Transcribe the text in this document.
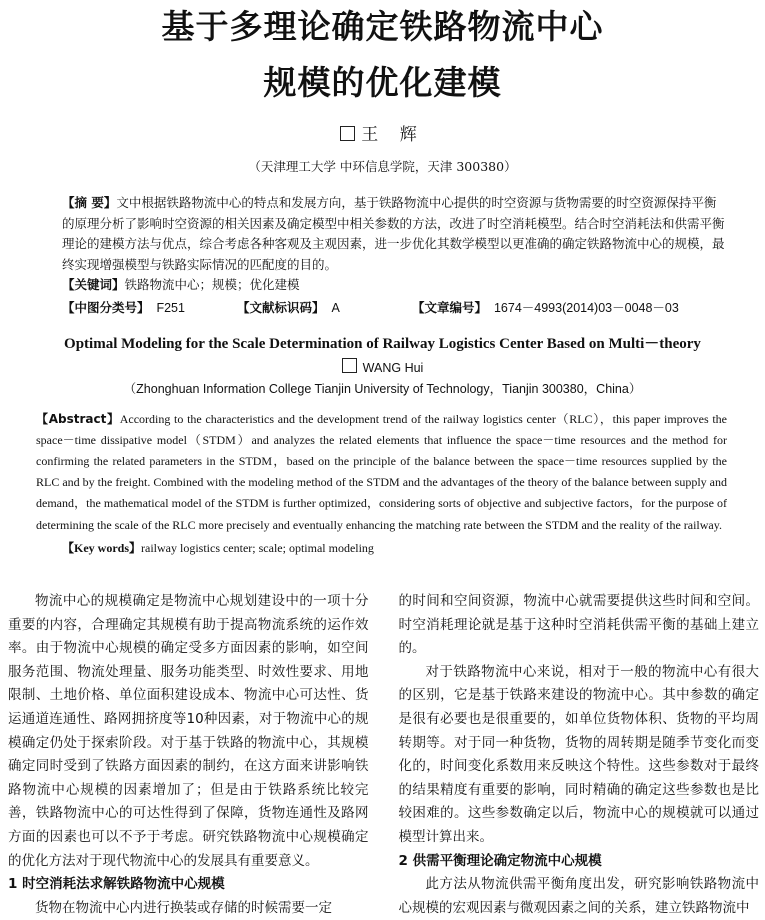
基于多理论确定铁路物流中心
规模的优化建模
王 辉
（天津理工大学 中环信息学院，天津 300380）
【摘 要】文中根据铁路物流中心的特点和发展方向，基于铁路物流中心提供的时空资源与货物需要的时空资源保持平衡的原理分析了影响时空资源的相关因素及确定模型中相关参数的方法，改进了时空消耗模型。结合时空消耗法和供需平衡理论的建模方法与优点，综合考虑各种客观及主观因素，进一步优化其数学模型以更准确的确定铁路物流中心的规模，最终实现增强模型与铁路实际情况的匹配度的目的。
【关键词】铁路物流中心；规模；优化建模
【中图分类号】 F251	【文献标识码】 A	【文章编号】 1674－4993(2014)03－0048－03
Optimal Modeling for the Scale Determination of Railway Logistics Center Based on Multi－theory
WANG Hui
（Zhonghuan Information College Tianjin University of Technology，Tianjin 300380，China）
【Abstract】According to the characteristics and the development trend of the railway logistics center（RLC），this paper improves the space－time dissipative model（STDM）and analyzes the related elements that influence the space－time resources and the method for confirming the related parameters in the STDM，based on the principle of the balance between the space－time resources supplied by the RLC and by the freight. Combined with the modeling method of the STDM and the advantages of the theory of the balance between supply and demand，the mathematical model of the STDM is further optimized，considering sorts of objective and subjective factors，for the purpose of determining the scale of the RLC more precisely and eventually enhancing the matching rate between the STDM and the reality of the railway.
【Key words】railway logistics center; scale; optimal modeling

物流中心的规模确定是物流中心规划建设中的一项十分重要的内容，合理确定其规模有助于提高物流系统的运作效率。由于物流中心规模的确定受多方面因素的影响，如空间服务范围、物流处理量、服务功能类型、时效性要求、用地限制、土地价格、单位面积建设成本、物流中心可达性、货运通道连通性、路网拥挤度等10种因素，对于物流中心的规模确定仍处于探索阶段。对于基于铁路的物流中心，其规模确定同时受到了铁路方面因素的制约，在这方面来讲影响铁路物流中心规模的因素增加了；但是由于铁路系统比较完善，铁路物流中心的可达性得到了保障，货物连通性及路网方面的因素也可以不予于考虑。研究铁路物流中心规模确定的优化方法对于现代物流中心的发展具有重要意义。

1 时空消耗法求解铁路物流中心规模

货物在物流中心内进行换装或存储的时候需要一定

的时间和空间资源，物流中心就需要提供这些时间和空间。时空消耗理论就是基于这种时空消耗供需平衡的基础上建立的。

对于铁路物流中心来说，相对于一般的物流中心有很大的区别，它是基于铁路来建设的物流中心。其中参数的确定是很有必要也是很重要的，如单位货物体积、货物的平均周转期等。对于同一种货物，货物的周转期是随季节变化而变化的，时间变化系数用来反映这个特性。这些参数对于最终的结果精度有重要的影响，同时精确的确定这些参数也是比较困难的。这些参数确定以后，物流中心的规模就可以通过模型计算出来。

2 供需平衡理论确定物流中心规模

此方法从物流供需平衡角度出发，研究影响铁路物流中心规模的宏观因素与微观因素之间的关系，建立铁路物流中
